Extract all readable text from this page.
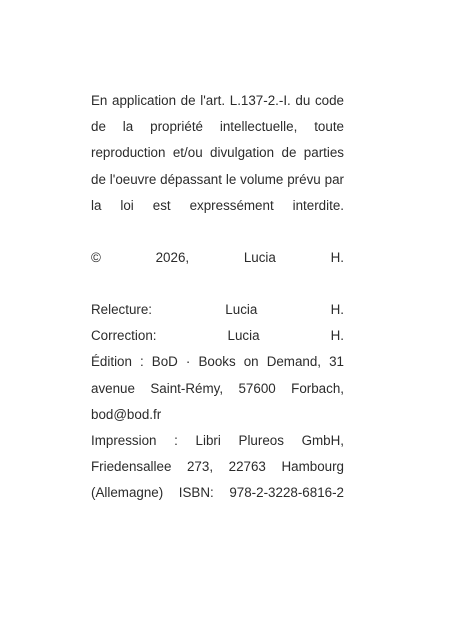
En application de l'art. L.137-2.-I. du code
de la propriété intellectuelle, toute
reproduction et/ou divulgation de parties
de l'oeuvre dépassant le volume prévu par
la loi est expressément interdite.
© 2026, Lucia H.
Relecture: Lucia H.
Correction: Lucia H.
Édition : BoD · Books on Demand, 31
avenue Saint-Rémy, 57600 Forbach,
bod@bod.fr
Impression : Libri Plureos GmbH,
Friedensallee 273, 22763 Hambourg
(Allemagne) ISBN: 978-2-3228-6816-2
